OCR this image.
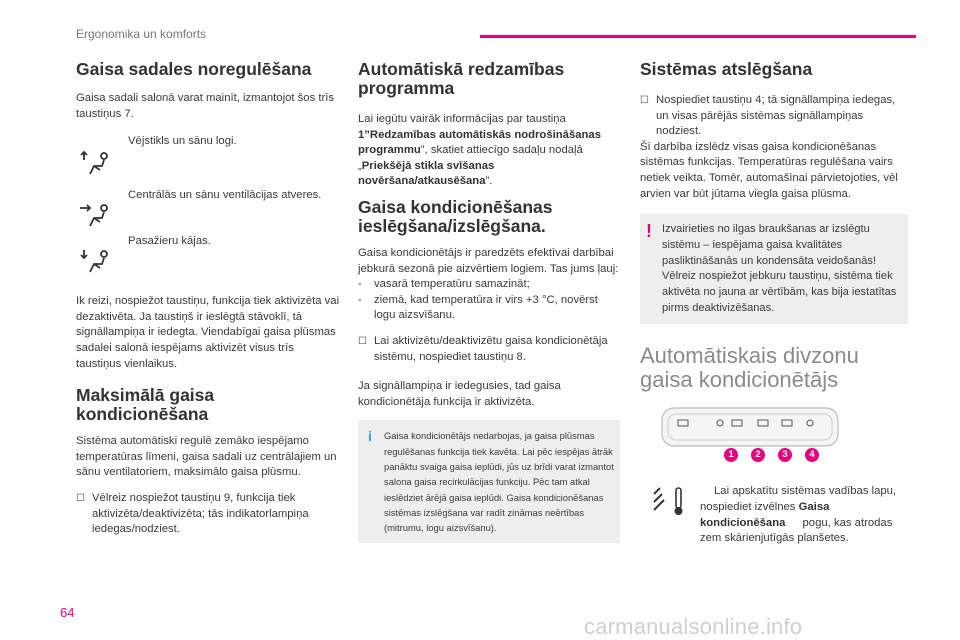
Ergonomika un komforts
Gaisa sadales noregulēšana

Gaisa sadali salonā varat mainīt, izmantojot šos trīs taustiņus 7.

Vējstikls un sānu logi.
Centrālās un sānu ventilācijas atveres.
Pasažieru kājas.

Ik reizi, nospiežot taustiņu, funkcija tiek aktivizēta vai dezaktivēta. Ja taustiņš ir ieslēgtā stāvoklī, tā signāllampiņa ir iedegta. Viendabīgai gaisa plūsmas sadalei salonā iespējams aktivizēt visus trīs taustiņus vienlaikus.

Maksimālā gaisa kondicionēšana

Sistēma automātiski regulē zemāko iespējamo temperatūras līmeni, gaisa sadali uz centrālajiem un sānu ventilatoriem, maksimālo gaisa plūsmu.

☐ Vēlreiz nospiežot taustiņu 9, funkcija tiek aktivizēta/deaktivizēta; tās indikatorlampiņa iedegas/nodziest.
Automātiskā redzamības programma

Lai iegūtu vairāk informācijas par taustiņa 1”Redzamības automātiskās nodrošināšanas programmu”, skatiet attiecīgo sadaļu nodaļā „Priekšējā stikla svīšanas novēršana/atkausēšana”.

Gaisa kondicionēšanas ieslēgšana/izslēgšana.

Gaisa kondicionētājs ir paredzēts efektīvai darbībai jebkurā sezonā pie aizvērtiem logiem. Tas jums ļauj:

-	vasarā temperatūru samazināt;
-	ziemā, kad temperatūra ir virs +3 °C, novērst logu aizsvīšanu.
☐ Lai aktivizētu/deaktivizētu gaisa kondicionētāja sistēmu, nospiediet taustiņu 8.

Ja signāllampiņa ir iedegusies, tad gaisa kondicionētāja funkcija ir aktivizēta.

i	Gaisa kondicionētājs nedarbojas, ja gaisa plūsmas regulēšanas funkcija tiek kavēta. Lai pēc iespējas ātrāk panāktu svaiga gaisa ieplūdi, jūs uz brīdi varat izmantot salona gaisa recirkulācijas funkciju. Pēc tam atkal ieslēdziet ārējā gaisa ieplūdi. Gaisa kondicionēšanas sistēmas izslēgšana var radīt zināmas neērtības (mitrumu, logu aizsvīšanu).
Sistēmas atslēgšana
☐ Nospiediet taustiņu 4; tā signāllampiņa iedegas, un visas pārējās sistēmas signāllampiņas nodziest.

Šī darbība izslēdz visas gaisa kondicionēšanas sistēmas funkcijas. Temperatūras regulēšana vairs netiek veikta. Tomēr, automašīnai pārvietojoties, vēl arvien var būt jūtama viegla gaisa plūsma.

! Izvairieties no ilgas braukšanas ar izslēgtu sistēmu – iespējama gaisa kvalitātes pasliktināšanās un kondensāta veidošanās! Vēlreiz nospiežot jebkuru taustiņu, sistēma tiek aktivēta no jauna ar vērtībām, kas bija iestatītas pirms deaktivizēšanas.
Automātiskais divzonu gaisa kondicionētājs
1	2	3	4
Lai apskatītu sistēmas vadības lapu, nospiediet izvēlnes Gaisa kondicionēšana pogu, kas atrodas zem skārienjutīgās planšetes.
64
carmanualsonline.info
